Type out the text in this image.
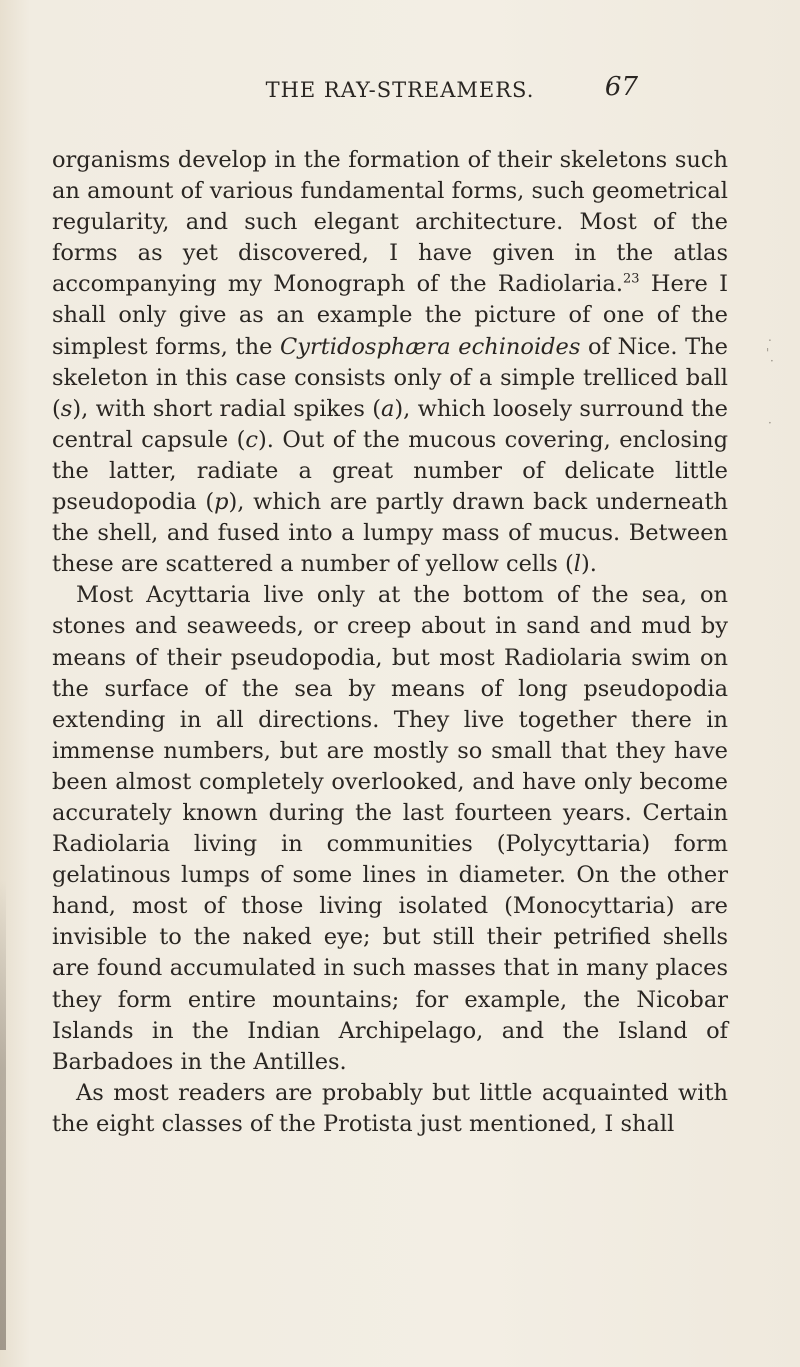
THE RAY-STREAMERS.	67

organisms develop in the formation of their skeletons such an amount of various fundamental forms, such geometrical regularity, and such elegant architecture. Most of the forms as yet discovered, I have given in the atlas accompanying my Monograph of the Radiolaria.$^{23}$ Here I shall only give as an example the picture of one of the simplest forms, the Cyrtidosphæra echinoides of Nice. The skeleton in this case consists only of a simple trelliced ball (s), with short radial spikes (a), which loosely surround the central capsule (c). Out of the mucous covering, enclosing the latter, radiate a great number of delicate little pseudopodia (p), which are partly drawn back underneath the shell, and fused into a lumpy mass of mucus. Between these are scattered a number of yellow cells (l).

Most Acyttaria live only at the bottom of the sea, on stones and seaweeds, or creep about in sand and mud by means of their pseudopodia, but most Radiolaria swim on the surface of the sea by means of long pseudopodia extending in all directions. They live together there in immense numbers, but are mostly so small that they have been almost completely overlooked, and have only become accurately known during the last fourteen years. Certain Radiolaria living in communities (Polycyttaria) form gelatinous lumps of some lines in diameter. On the other hand, most of those living isolated (Monocyttaria) are invisible to the naked eye; but still their petrified shells are found accumulated in such masses that in many places they form entire mountains; for example, the Nicobar Islands in the Indian Archipelago, and the Island of Barbadoes in the Antilles.

As most readers are probably but little acquainted with the eight classes of the Protista just mentioned, I shall

.
'
·
·
